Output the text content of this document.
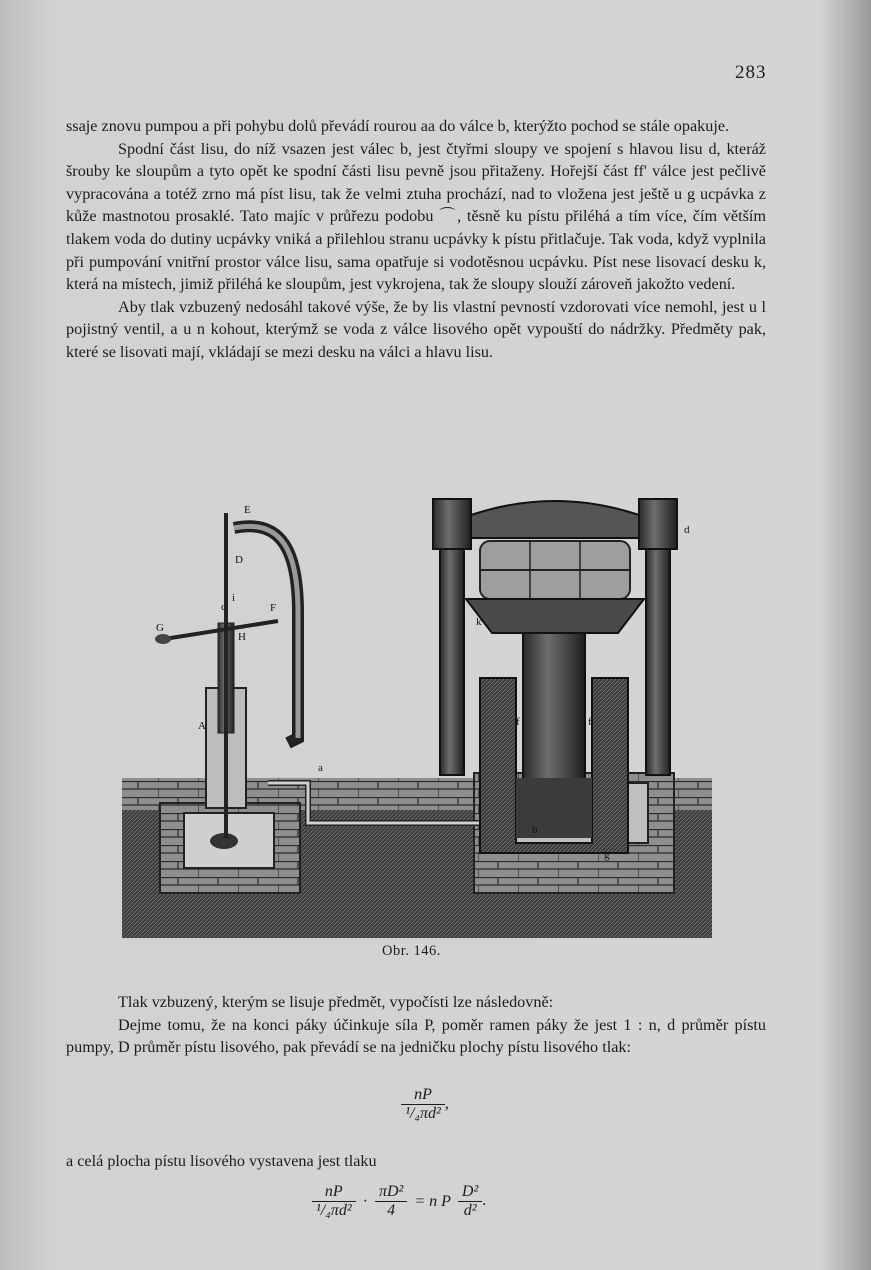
283

ssaje znovu pumpou a při pohybu dolů převádí rourou aa do válce b, kterýžto pochod se stále opakuje.

Spodní část lisu, do níž vsazen jest válec b, jest čtyřmi sloupy ve spojení s hlavou lisu d, kteráž šrouby ke sloupům a tyto opět ke spodní části lisu pevně jsou přitaženy. Hořejší část ff' válce jest pečlivě vypracována a totéž zrno má píst lisu, tak že velmi ztuha prochází, nad to vložena jest ještě u g ucpávka z kůže mastnotou prosaklé. Tato majíc v průřezu podobu ⌒, těsně ku pístu přiléhá a tím více, čím větším tlakem voda do dutiny ucpávky vniká a přilehlou stranu ucpávky k pístu přitlačuje. Tak voda, když vyplnila při pumpování vnitřní prostor válce lisu, sama opatřuje si vodotěsnou ucpávku. Píst nese lisovací desku k, která na místech, jimiž přiléhá ke sloupům, jest vykrojena, tak že sloupy slouží zároveň jakožto vedení.

Aby tlak vzbuzený nedosáhl takové výše, že by lis vlastní pevností vzdorovati více nemohl, jest u l pojistný ventil, a u n kohout, kterýmž se voda z válce lisového opět vypouští do nádržky. Předměty pak, které se lisovati mají, vkládají se mezi desku na válci a hlavu lisu.

E
D
c
i
F
G
H
A
a
d
k
b
f	f
g
Obr. 146.

Tlak vzbuzený, kterým se lisuje předmět, vypočísti lze následovně:

Dejme tomu, že na konci páky účinkuje síla P, poměr ramen páky že jest 1 : n, d průměr pístu pumpy, D průměr pístu lisového, pak převádí se na jedničku plochy pístu lisového tlak:

$\frac{nP}{\text{¹/₄πd²}}$ ,
a celá plocha pístu lisového vystavena jest tlaku
$\frac{nP}{\text{¹/₄πd²}} \cdot \frac{\text{πD²}}{4} = n$ P $\frac{\text{D²}}{\text{d²}}$ .
